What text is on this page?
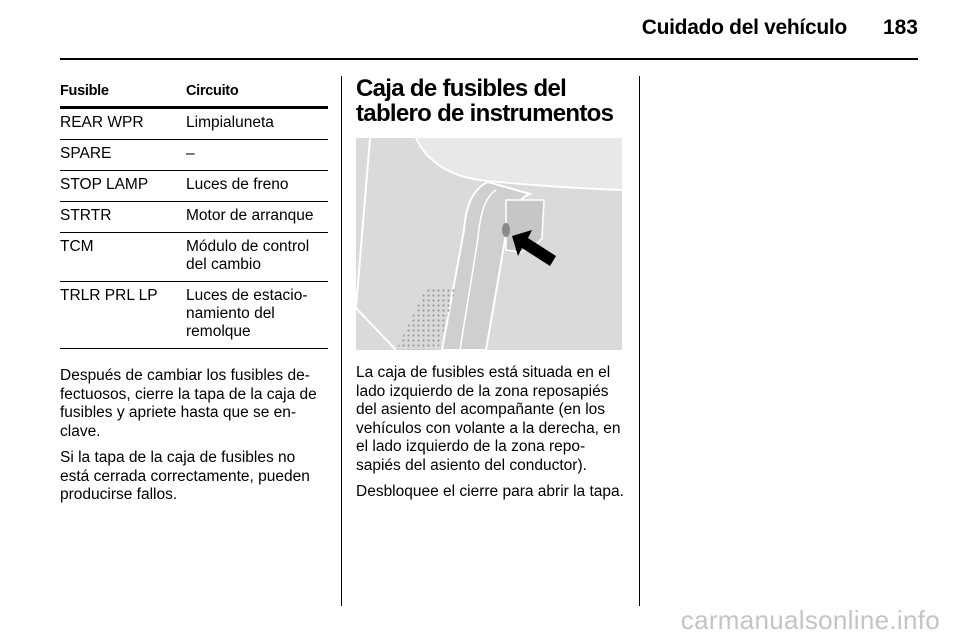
Cuidado del vehículo 183
Fusible	Circuito
REAR WPR	Limpialuneta
SPARE	–
STOP LAMP	Luces de freno
STRTR	Motor de arranque
TCM	Módulo de control del cambio
TRLR PRL LP	Luces de estacio-namiento del remolque

Después de cambiar los fusibles de-fectuosos, cierre la tapa de la caja de fusibles y apriete hasta que se en-clave.

Si la tapa de la caja de fusibles no está cerrada correctamente, pueden producirse fallos.

Caja de fusibles del tablero de instrumentos

La caja de fusibles está situada en el lado izquierdo de la zona reposapiés del asiento del acompañante (en los vehículos con volante a la derecha, en el lado izquierdo de la zona repo-sapiés del asiento del conductor).

Desbloquee el cierre para abrir la tapa.

carmanualsonline.info
